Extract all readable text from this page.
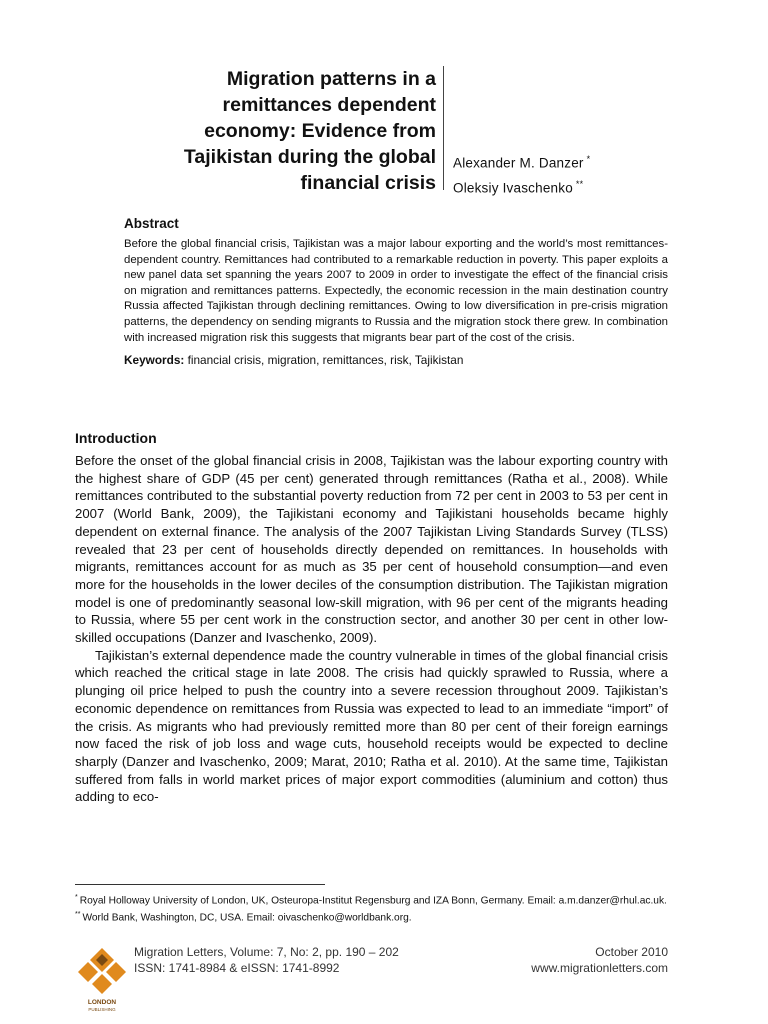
Migration patterns in a
remittances dependent
economy: Evidence from
Tajikistan during the global
financial crisis
Alexander M. Danzer *
Oleksiy Ivaschenko **
Abstract

Before the global financial crisis, Tajikistan was a major labour exporting and the world’s most remittances-dependent country. Remittances had contributed to a remarkable reduction in poverty. This paper exploits a new panel data set spanning the years 2007 to 2009 in order to investigate the effect of the financial crisis on migration and remittances patterns. Expectedly, the economic recession in the main destination country Russia affected Tajikistan through declining remittances. Owing to low diversification in pre-crisis migration patterns, the dependency on sending migrants to Russia and the migration stock there grew. In combination with increased migration risk this suggests that migrants bear part of the cost of the crisis.

Keywords: financial crisis, migration, remittances, risk, Tajikistan
Introduction

Before the onset of the global financial crisis in 2008, Tajikistan was the labour exporting country with the highest share of GDP (45 per cent) generated through remittances (Ratha et al., 2008). While remittances contributed to the substantial poverty reduction from 72 per cent in 2003 to 53 per cent in 2007 (World Bank, 2009), the Tajikistani economy and Tajikistani households became highly dependent on external finance. The analysis of the 2007 Tajikistan Living Standards Survey (TLSS) revealed that 23 per cent of households directly depended on remittances. In households with migrants, remittances account for as much as 35 per cent of household consumption—and even more for the households in the lower deciles of the consumption distribution. The Tajikistan migration model is one of predominantly seasonal low-skill migration, with 96 per cent of the migrants heading to Russia, where 55 per cent work in the construction sector, and another 30 per cent in other low-skilled occupations (Danzer and Ivaschenko, 2009).

Tajikistan’s external dependence made the country vulnerable in times of the global financial crisis which reached the critical stage in late 2008. The crisis had quickly sprawled to Russia, where a plunging oil price helped to push the country into a severe recession throughout 2009. Tajikistan’s economic dependence on remittances from Russia was expected to lead to an immediate “import” of the crisis. As migrants who had previously remitted more than 80 per cent of their foreign earnings now faced the risk of job loss and wage cuts, household receipts would be expected to decline sharply (Danzer and Ivaschenko, 2009; Marat, 2010; Ratha et al. 2010). At the same time, Tajikistan suffered from falls in world market prices of major export commodities (aluminium and cotton) thus adding to eco-

* Royal Holloway University of London, UK, Osteuropa-Institut Regensburg and IZA Bonn, Germany. Email: a.m.danzer@rhul.ac.uk.

** World Bank, Washington, DC, USA. Email: oivaschenko@worldbank.org.

LONDON
PUBLISHING
Migration Letters, Volume: 7, No: 2, pp. 190 – 202
ISSN: 1741-8984 & eISSN: 1741-8992
October 2010
www.migrationletters.com
